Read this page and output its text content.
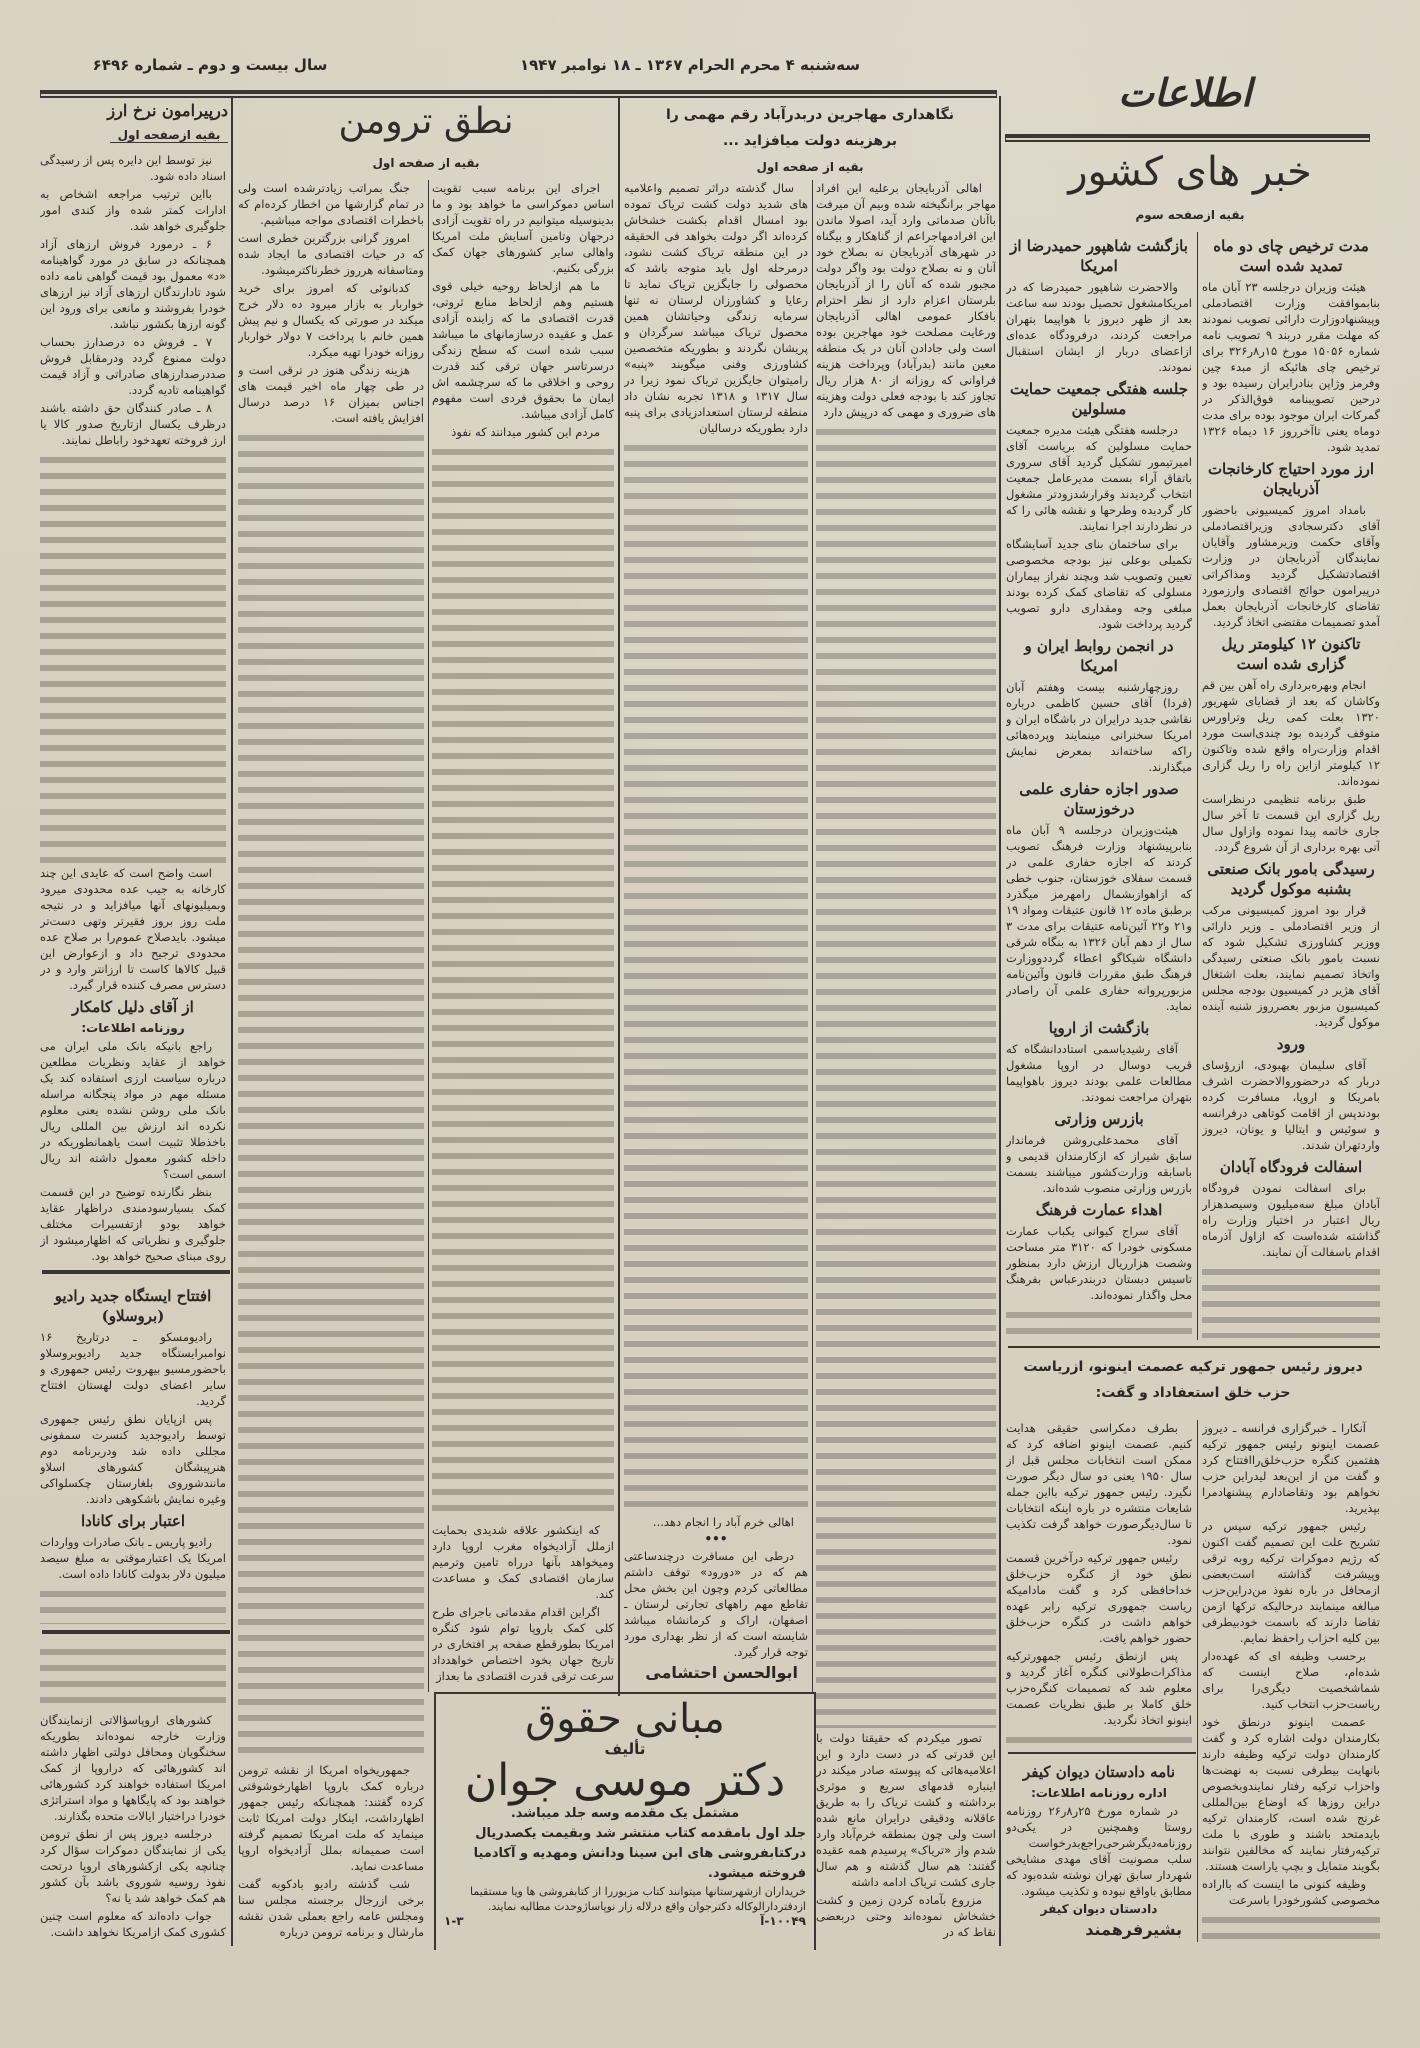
سه‌شنبه ۴ محرم الحرام ۱۳۶۷ ـ ۱۸ نوامبر ۱۹۴۷
سال بیست و دوم ـ شماره ۶۴۹۶
اطلاعات
درپیرامون نرخ ارز
بقیه ازصفحه اول

نیز توسط این دایره پس از رسیدگی اسناد داده شود.

بااین ترتیب مراجعه اشخاص به ادارات کمتر شده واز کندی امور جلوگیری خواهد شد.

۶ ـ درمورد فروش ارزهای آزاد همچنانکه در سابق در مورد گواهینامه «د» معمول بود قیمت گواهی نامه داده شود تادارندگان ارزهای آزاد نیز ارزهای خودرا بفروشند و مانعی برای ورود این گونه ارزها بکشور نباشد.

۷ ـ فروش ده درصدارز بحساب دولت ممنوع گردد ودرمقابل فروش صددرصدارزهای صادراتی و آزاد قیمت گواهینامه تادیه گردد.

۸ ـ صادر کنندگان حق داشته باشند درظرف یکسال ازتاریخ صدور کالا یا ارز فروخته تعهدخود راباطل نمایند.

است واضح است که عایدی این چند کارخانه به جیب عده محدودی میرود وبمیلیونهای آنها میافزاید و در نتیجه ملت روز بروز فقیرتر وتهی دست‌تر میشود. بایدصلاح عموم‌را بر صلاح عده محدودی ترجیح داد و ازعوارض این قبیل کالاها کاست تا ارزانتر وارد و در دسترس مصرف کننده قرار گیرد.

از آقای دلیل کامکار

روزنامه اطلاعات:

راجع بانیکه بانک ملی ایران می خواهد از عقاید ونظریات مطلعین درباره سیاست ارزی استفاده کند یک مسئله مهم در مواد پنجگانه مراسله بانک ملی روشن نشده یعنی معلوم نکرده اند ارزش بین المللی ریال باخذطلا تثبیت است یاهمانطوریکه در داخله کشور معمول داشته اند ریال اسمی است؟

بنظر نگارنده توضیح در این قسمت کمک بسیارسودمندی دراظهار عقاید خواهد بودو ازتفسیرات مختلف جلوگیری و نظریاتی که اظهارمیشود از روی مبنای صحیح خواهد بود.

افتتاح ایستگاه جدید رادیو (بروسلاو)

رادیومسکو ـ درتاریخ ۱۶ نوامبرایستگاه جدید رادیوبروسلاو باحضورمسیو بیهروت رئیس جمهوری و سایر اعضای دولت لهستان افتتاح گردید.

پس ازپایان نطق رئیس جمهوری توسط رادیوجدید کنسرت سمفونی مجللی داده شد ودربرنامه دوم هنرپیشگان کشورهای اسلاو مانندشوروی بلغارستان چکسلواکی وغیره نمایش باشکوهی دادند.

اعتبار برای کانادا

رادیو پاریس ـ بانک صادرات وواردات امریکا یک اعتبارموقتی به مبلغ سیصد میلیون دلار بدولت کانادا داده است.

کشورهای اروپاسؤالاتی ازنمایندگان وزارت خارجه نموده‌اند بطوریکه سخنگویان ومحافل دولتی اظهار داشته اند کشورهائی که دراروپا از کمک امریکا استفاده خواهند کرد کشورهائی خواهند بود که پایگاهها و مواد استراتژی خودرا دراختیار ایالات متحده بگذارند.

درجلسه دیروز پس از نطق ترومن یکی از نمایندگان دموکرات سؤال کرد چنانچه یکی ازکشورهای اروپا درتحت نفوذ روسیه شوروی باشد بآن کشور هم کمک خواهد شد یا نه؟

جواب داده‌اند که معلوم است چنین کشوری کمک ازامریکا نخواهد داشت.

نطق ترومن
بقیه از صفحه اول

اجرای این برنامه سبب تقویت اساس دموکراسی ما خواهد بود و ما بدینوسیله میتوانیم در راه تقویت آزادی درجهان وتامین آسایش ملت امریکا واهالی سایر کشورهای جهان کمک بزرگی بکنیم.

ما هم ازلحاظ روحیه خیلی قوی هستیم وهم ازلحاظ منابع ثروتی، قدرت اقتصادی ما که زاینده آزادی عمل و عقیده درسازمانهای ما میباشد سبب شده است که سطح زندگی درسرتاسر جهان ترقی کند قدرت روحی و اخلاقی ما که سرچشمه اش ایمان ما بحقوق فردی است مفهوم کامل آزادی میباشد.

مردم این کشور میدانند که نفوذ

که اینکشور علاقه شدیدی بحمایت ازملل آزادیخواه مغرب اروپا دارد ومیخواهد بآنها درراه تامین وترمیم سازمان اقتصادی کمک و مساعدت کند.

اگراین اقدام مقدماتی باجرای طرح کلی کمک باروپا توام شود کنگره امریکا بطورقطع صفحه پر افتخاری در تاریخ جهان بخود اختصاص خواهدداد سرعت ترقی قدرت اقتصادی ما بعداز

جنگ بمراتب زیادترشده است ولی در تمام گزارشها من اخطار کرده‌ام که باخطرات اقتصادی مواجه میباشیم.

امروز گرانی بزرگترین خطری است که در حیات اقتصادی ما ایجاد شده ومتاسفانه هرروز خطرناکترمیشود.

کدبانوئی که امروز برای خرید خواربار به بازار میرود ده دلار خرج میکند در صورتی که یکسال و نیم پیش همین خانم با پرداخت ۷ دولار خواربار روزانه خودرا تهیه میکرد.

هزینه زندگی هنوز در ترقی است و در طی چهار ماه اخیر قیمت های اجناس بمیزان ۱۶ درصد درسال افزایش یافته است.

جمهوریخواه امریکا از نقشه ترومن درباره کمک باروپا اظهارخوشوقتی کرده گفتند: همچنانکه رئیس جمهور اظهارداشت، اینکار دولت امریکا ثابت مینماید که ملت امریکا تصمیم گرفته است صمیمانه بملل آزادیخواه اروپا مساعدت نماید.

شب گذشته رادیو بادکوبه گفت برخی ازرجال برجسته مجلس سنا ومجلس عامه راجع بعملی شدن نقشه مارشال و برنامه ترومن درباره

نگاهداری مهاجرین دربدرآباد رقم مهمی را
برهزینه دولت میافزاید ...
بقیه از صفحه اول

اهالی آذربایجان برعلیه این افراد مهاجر برانگیخته شده وبیم آن میرفت باآنان صدماتی وارد آید، اصولا ماندن این افرادمهاجراعم از گناهکار و بیگناه در شهرهای آذربایجان نه بصلاح خود آنان و نه بصلاح دولت بود واگر دولت مجبور شده که آنان را از آذربایجان بلرستان اعزام دارد از نظر احترام بافکار عمومی اهالی آذربایجان ورعایت مصلحت خود مهاجرین بوده است ولی جادادن آنان در یک منطقه معین مانند (بدرآباد) وپرداخت هزینه فراوانی که روزانه از ۸۰ هزار ریال تجاوز کند با بودجه فعلی دولت وهزینه های ضروری و مهمی که درپیش دارد

تصور میکردم که حقیقتا دولت با این قدرتی که در دست دارد و این اعلامیه‌هائی که پیوسته صادر میکند در اینباره قدمهای سریع و موثری برداشته و کشت تریاک را به طریق عاقلانه ودقیقی درایران مانع شده است ولی چون بمنطقه خرم‌آباد وارد شدم واز «تریاک» پرسیدم همه عقیده گفتند: هم سال گذشته و هم سال جاری کشت تریاک ادامه داشته

مزروع بآماده کردن زمین و کشت خشخاش نموده‌اند وحتی دربعضی نقاط که در

سال گذشته دراثر تصمیم واعلامیه های شدید دولت کشت تریاک تموده بود امسال اقدام بکشت خشخاش کرده‌اند اگر دولت بخواهد فی الحقیقه در این منطقه تریاک کشت نشود، درمرحله اول باید متوجه باشد که محصولی را جایگزین تریاک نماید تا رعایا و کشاورزان لرستان نه تنها سرمایه زندگی وحیاتشان همین محصول تریاک میباشد سرگردان و پریشان نگردند و بطوریکه متخصصین کشاورزی وفنی میگویند «پنبه» رامیتوان جایگزین تریاک نمود زیرا در سال ۱۳۱۷ و ۱۳۱۸ تجربه نشان داد منطقه لرستان استعدادزیادی برای پنبه دارد بطوریکه درسالیان

اهالی خرم آباد را انجام دهد...

•••

درطی این مسافرت درچندساعتی هم که در «دورود» توقف داشتم مطالعاتی کردم وچون این بخش محل تقاطع مهم راههای تجارتی لرستان ـ اصفهان، اراک و کرمانشاه میباشد شایسته است که از نظر بهداری مورد توجه قرار گیرد.

ابوالحسن احتشامی

مبانی حقوق
تألیف
دکتر موسی جوان
مشتمل یک مقدمه وسه جلد میباشد.
جلد اول بامقدمه کتاب منتشر شد وبقیمت یکصدریال
درکتابفروشی های ابن سینا ودانش ومهدیه و آکادمیا
فروخته میشود.
خریداران ازشهرستانها میتوانند کتاب مزبوررا از کتابفروشی ها ویا مستقیما ازدفتردارالوکاله دکترجوان واقع درلاله زار نوپاساژوحدت مطالبه نمایند.
۱۰۰۴۹-آ
۱-۳
خبر های کشور
بقیه ازصفحه سوم
مدت ترخیص چای دو ماه تمدید شده است

هیئت وزیران درجلسه ۲۳ آبان ماه بنابموافقت وزارت اقتصادملی وپیشنهادوزارت دارائی تصویب نمودند که مهلت مقرر دربند ۹ تصویب نامه شماره ۱۵۰۵۶ مورخ ۱۵ر۸ر۳۲۶ برای ترخیص چای هائیکه از مبدء چین وفرمز وژاپن بنادرایران رسیده بود و درحین تصویبنامه فوق‌الذکر در گمرکات ایران موجود بوده برای مدت دوماه یعنی تاآخرروز ۱۶ دیماه ۱۳۲۶ تمدید شود.

ارز مورد احتیاج کارخانجات آذربایجان

بامداد امروز کمیسیونی باحضور آقای دکترسجادی وزیراقتصادملی وآقای حکمت وزیرمشاور وآقایان نمایندگان آذربایجان در وزارت اقتصادتشکیل گردید ومذاکراتی درپیرامون حوائج اقتصادی وارزمورد تقاضای کارخانجات آذربایجان بعمل آمدو تصمیمات مقتضی اتخاذ گردید.

تاکنون ۱۲ کیلومتر ریل گزاری شده است

انجام وبهره‌برداری راه آهن بین قم وکاشان که بعد از قضایای شهریور ۱۳۲۰ بعلت کمی ریل وتراورس متوقف گردیده بود چندی‌است مورد اقدام وزارت‌راه واقع شده وتاکنون ۱۲ کیلومتر ازاین راه را ریل گزاری نموده‌اند.

طبق برنامه تنظیمی درنظراست ریل گزاری این قسمت تا آخر سال جاری خاتمه پیدا نموده وازاول سال آتی بهره برداری از آن شروع گردد.

رسیدگی بامور بانک صنعتی بشنبه موکول گردید

قرار بود امروز کمیسیونی مرکب از وزیر اقتصادملی ـ وزیر دارائی ووزیر کشاورزی تشکیل شود که نسبت بامور بانک صنعتی رسیدگی واتخاذ تصمیم نمایند، بعلت اشتغال آقای هژیر در کمیسیون بودجه مجلس کمیسیون مزبور بعصرروز شنبه آینده موکول گردید.

ورود

آقای سلیمان بهبودی، ازرؤسای دربار که درحضوروالاحضرت اشرف بامریکا و اروپا، مسافرت کرده بودندپس از اقامت کوتاهی درفرانسه و سوئیس و ایتالیا و یونان، دیروز واردتهران شدند.

اسفالت فرودگاه آبادان

برای اسفالت نمودن فرودگاه آبادان مبلغ سه‌میلیون وسیصدهزار ریال اعتبار در اختیار وزارت راه گذاشته شده‌است که ازاول آذرماه اقدام باسفالت آن نمایند.

بازگشت شاهپور حمیدرضا از امریکا

والاحضرت شاهپور حمیدرضا که در امریکامشغول تحصیل بودند سه ساعت بعد از ظهر دیروز با هواپیما بتهران مراجعت کردند، درفرودگاه عده‌ای ازاعضای دربار از ایشان استقبال نمودند.

جلسه هفتگی جمعیت حمایت مسلولین

درجلسه هفتگی هیئت مدیره جمعیت حمایت مسلولین که بریاست آقای امیرتیمور تشکیل گردید آقای سروری باتفاق آراء بسمت مدیرعامل جمعیت انتخاب گردیدند وقرارشدزودتر مشغول کار گردیده وطرحها و نقشه هائی را که در نظردارند اجرا نمایند.

برای ساختمان بنای جدید آسایشگاه تکمیلی بوعلی نیز بودجه مخصوصی تعیین وتصویب شد وبچند نفراز بیماران مسلولی که تقاضای کمک کرده بودند مبلغی وجه ومقداری دارو تصویب گردید پرداخت شود.

در انجمن روابط ایران و امریکا

روزچهارشنبه بیست وهفتم آبان (فردا) آقای حسین کاظمی درباره نقاشی جدید درایران در باشگاه ایران و امریکا سخنرانی مینمایند وپرده‌هائی راکه ساخته‌اند بمعرض نمایش میگذارند.

صدور اجازه حفاری علمی درخوزستان

هیئت‌وزیران درجلسه ۹ آبان ماه بنابرپیشنهاد وزارت فرهنگ تصویب کردند که اجازه حفاری علمی در قسمت سفلای خوزستان، جنوب خطی که ازاهوازبشمال رامهرمز میگذرد برطبق ماده ۱۲ قانون عتیقات ومواد ۱۹ و۲۱ و۲۲ آئین‌نامه عتیقات برای مدت ۳ سال از دهم آبان ۱۳۲۶ به بنگاه شرقی دانشگاه شیکاگو اعطاء گرددووزارت فرهنگ طبق مقررات قانون وآئین‌نامه مزبورپروانه حفاری علمی آن راصادر نماید.

بازگشت از اروپا

آقای رشیدیاسمی استاددانشگاه که قریب دوسال در اروپا مشغول مطالعات علمی بودند دیروز باهواپیما بتهران مراجعت نمودند.

بازرس وزارتی

آقای محمدعلی‌روشن فرماندار سابق شیراز که ازکارمندان قدیمی و باسابقه وزارت‌کشور میباشند بسمت بازرس وزارتی منصوب شده‌اند.

اهداء عمارت فرهنگ

آقای سراج کیوانی یکباب عمارت مسکونی خودرا که ۳۱۲۰ متر مساحت وشصت هزارریال ارزش دارد بمنظور تاسیس دبستان دربندرعباس بفرهنگ محل واگذار نموده‌اند.

دیروز رئیس جمهور ترکیه عصمت اینونو، ازریاست
حزب خلق استعفاداد و گفت:

آنکارا ـ خبرگزاری فرانسه ـ دیروز عصمت اینونو رئیس جمهور ترکیه هفتمین کنگره حزب‌خلق‌راافتتاح کرد و گفت من از این‌بعد لیدراین حزب نخواهم بود وتقاضادارم پیشنهادمرا بپذیرید.

رئیس جمهور ترکیه سپس در تشریح علت این تصمیم گفت اکنون که رژیم دموکرات ترکیه روبه ترقی وپیشرفت گذاشته است‌بعضی ازمحافل در باره نفوذ من‌دراین‌حزب مبالغه مینمایند درحالیکه ترکها ازمن تقاضا دارند که باسمت خودبیطرفی بین کلیه احزاب راحفظ نمایم.

برحسب وظیفه ای که عهده‌دار شده‌ام، صلاح اینست که شماشخصیت دیگری‌را برای ریاست‌حزب انتخاب کنید.

عصمت اینونو درنطق خود بکارمندان دولت اشاره کرد و گفت کارمندان دولت ترکیه وظیفه دارند بانهایت بیطرفی نسبت به نهضت‌ها واحزاب ترکیه رفتار نمایندوبخصوص دراین روزها که اوضاع بین‌المللی غرنج شده است، کارمندان ترکیه بایدمتحد باشند و طوری با ملت ترکیه‌رفتار نمایند که مخالفین نتوانند بگویند متمایل و بچپ یاراست هستند.

وظیفه کنونی ما اینست که بااراده مخصوصی کشورخودرا باسرعت

بطرف دمکراسی حقیقی هدایت کنیم. عصمت اینونو اضافه کرد که ممکن است انتخابات مجلس قبل از سال ۱۹۵۰ یعنی دو سال دیگر صورت نگیرد. رئیس جمهور ترکیه بااین جمله شایعات منتشره در باره اینکه انتخابات تا سال‌دیگرصورت خواهد گرفت تکذیب نمود.

رئیس جمهور ترکیه درآخرین قسمت نطق خود از کنگره حزب‌خلق خداحافظی کرد و گفت مادامیکه ریاست جمهوری ترکیه رابر عهده خواهم داشت در کنگره حزب‌خلق حضور خواهم یافت.

پس ازنطق رئیس جمهورترکیه مذاکرات‌طولانی کنگره آغاز گردید و معلوم شد که تصمیمات کنگره‌حزب خلق کاملا بر طبق نظریات عصمت اینونو اتخاذ نگردید.

نامه دادستان دیوان کیفر

اداره روزنامه اطلاعات:

در شماره مورخ ۲۵ر۸ر۲۶ روزنامه روستا وهمچنین در یکی‌دو روزنامه‌دیگرشرحی‌راجع‌بدرخواست سلب مصونیت آقای مهدی مشایخی شهردار سابق تهران نوشته شده‌بود که مطابق باواقع نبوده و تکذیب میشود.

دادستان دیوان کیفر

بشیرفرهمند
